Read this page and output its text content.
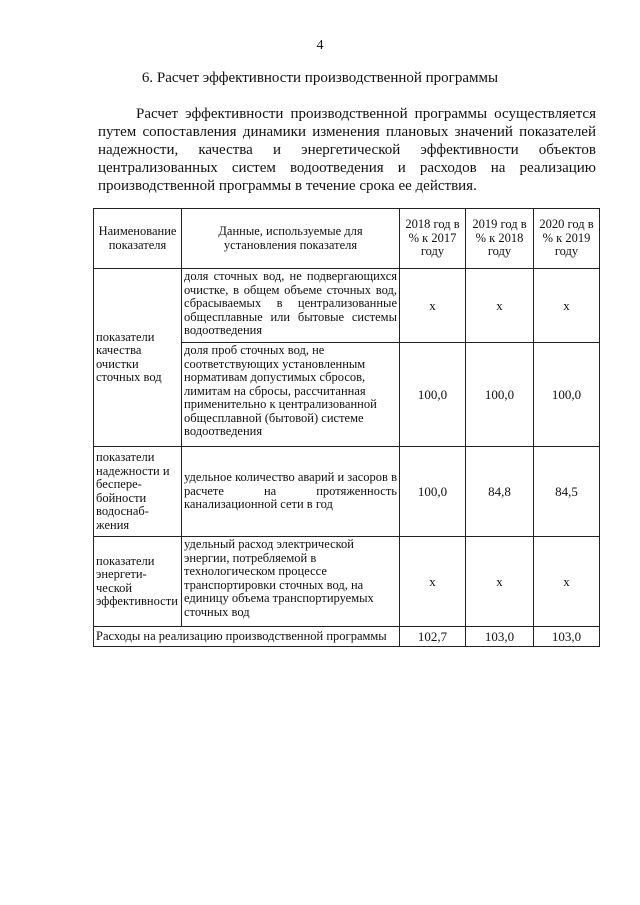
4
6. Расчет эффективности производственной программы

Расчет эффективности производственной программы осуществляется путем сопоставления динамики изменения плановых значений показателей надежности, качества и энергетической эффективности объектов централизованных систем водоотведения и расходов на реализацию производственной программы в течение срока ее действия.

Наименование показателя	Данные, используемые для установления показателя	2018 год в % к 2017 году	2019 год в % к 2018 году	2020 год в % к 2019 году
показатели качества очистки сточных вод	доля сточных вод, не подвергающихся очистке, в общем объеме сточных вод, сбрасываемых в централизованные общесплавные или бытовые системы водоотведения	х	х	х
	доля проб сточных вод, не соответствующих установленным нормативам допустимых сбросов, лимитам на сбросы, рассчитанная применительно к централизованной общесплавной (бытовой) системе водоотведения	100,0	100,0	100,0
показатели надежности и беспере-бойности водоснаб-жения	удельное количество аварий и засоров в расчете на протяженность канализационной сети в год	100,0	84,8	84,5
показатели энергети-ческой эффективности	удельный расход электрической энергии, потребляемой в технологическом процессе транспортировки сточных вод, на единицу объема транспортируемых сточных вод	х	х	х
Расходы на реализацию производственной программы		102,7	103,0	103,0
